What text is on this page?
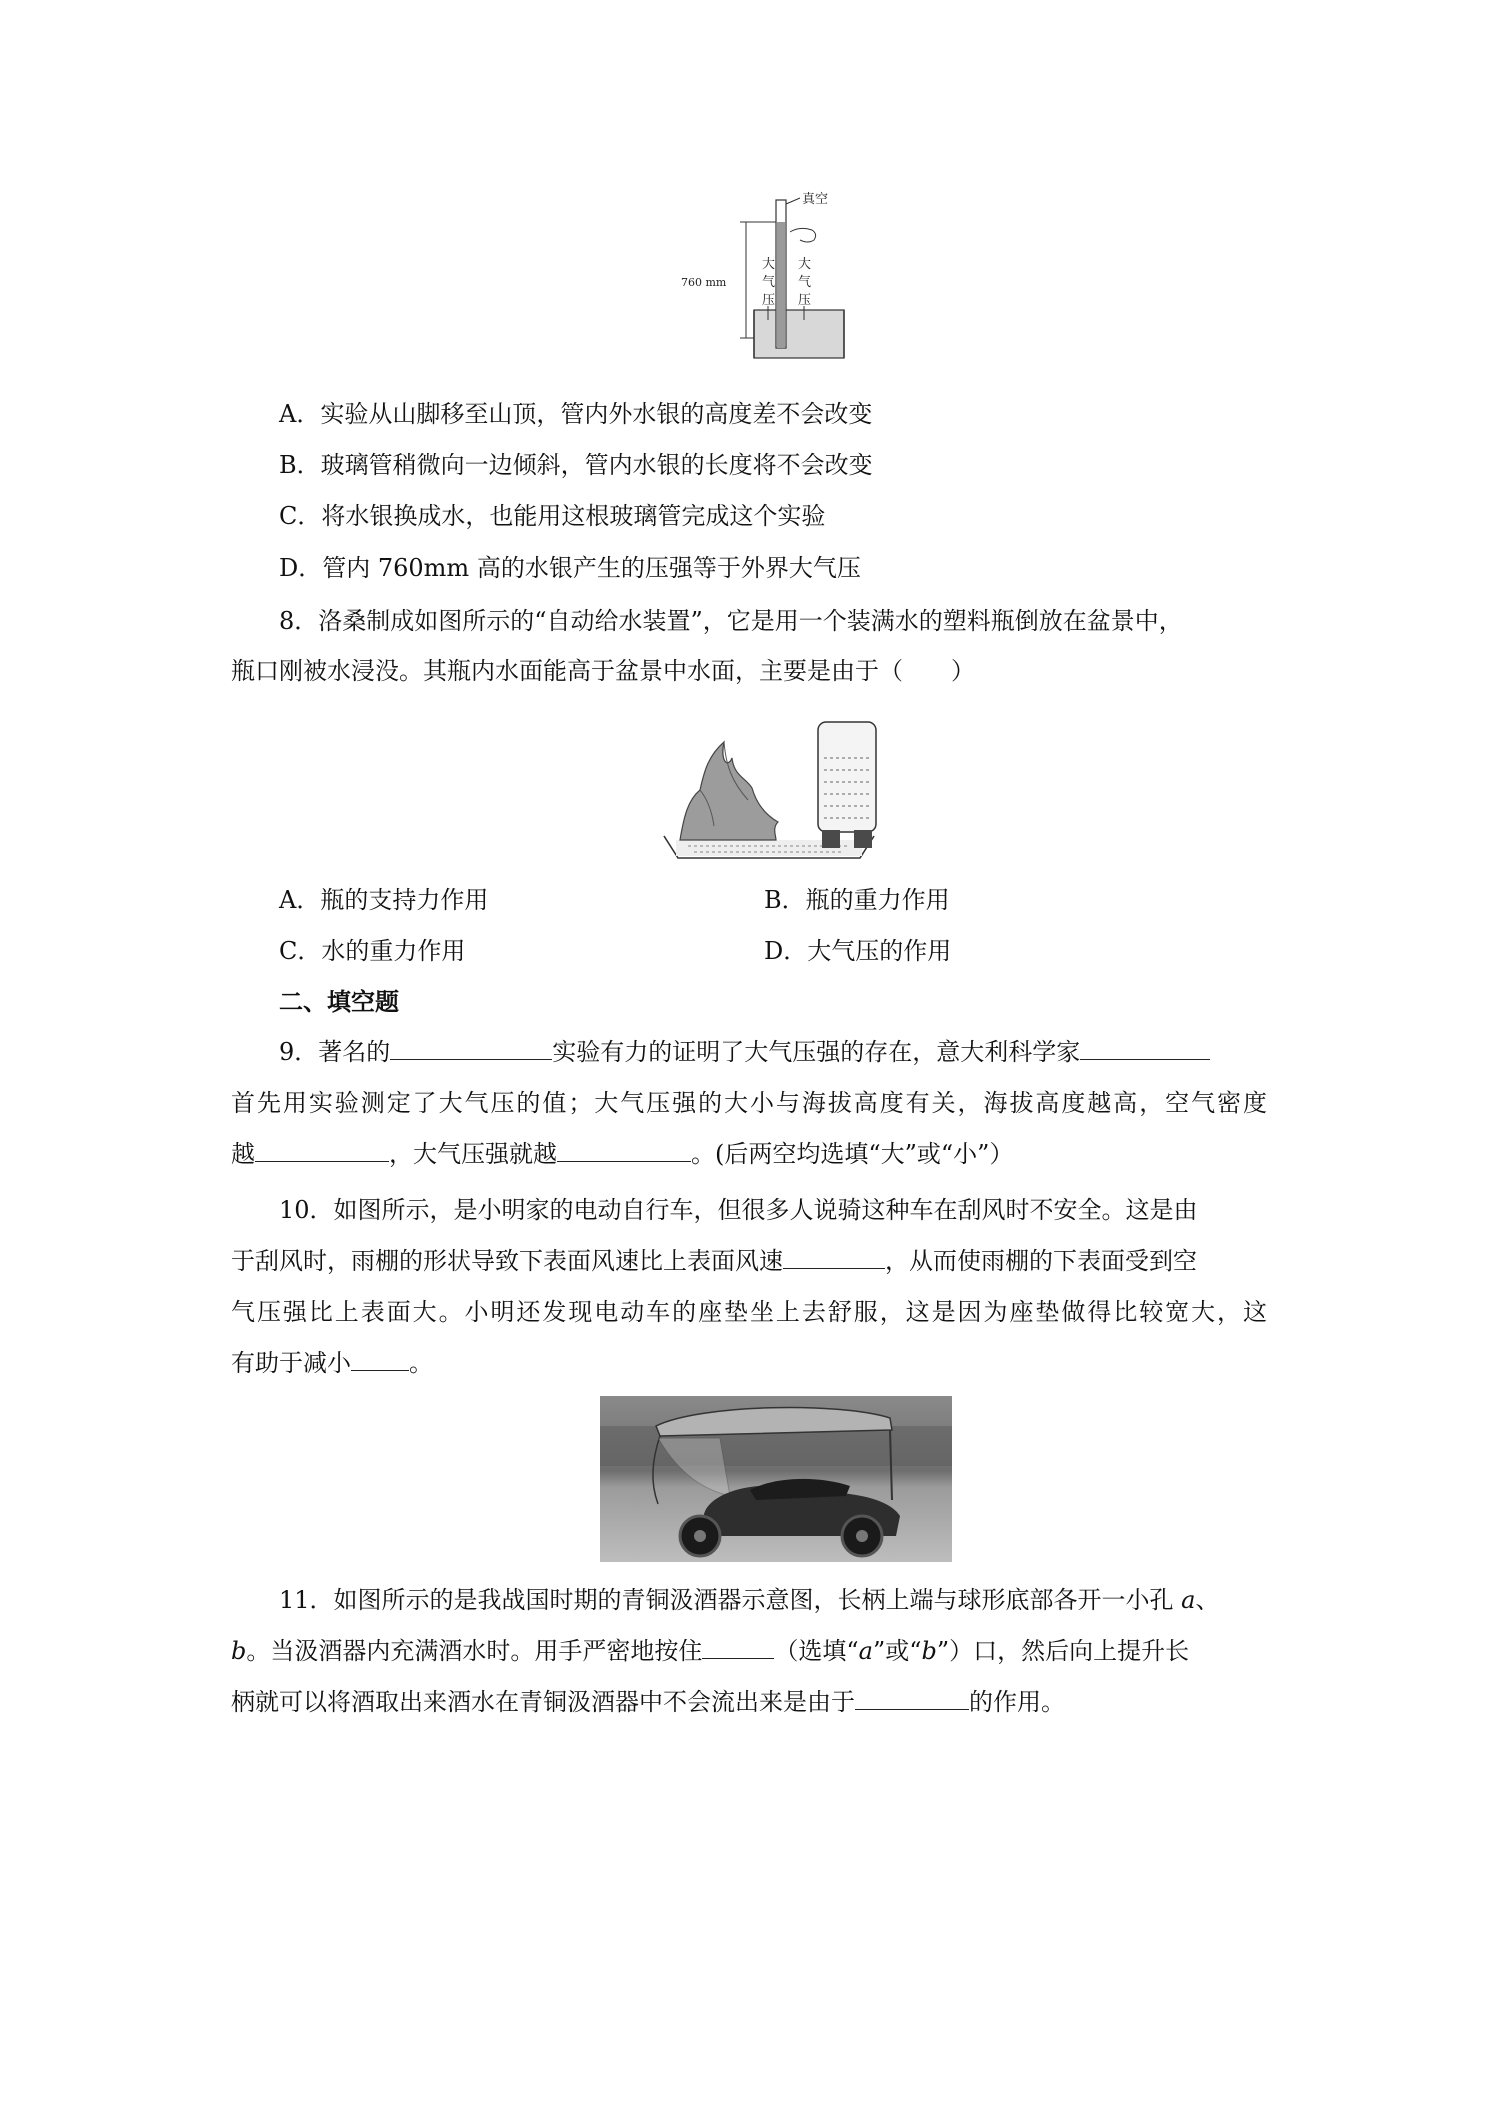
真空
760 mm
大
气
压
大
气
压
A．实验从山脚移至山顶，管内外水银的高度差不会改变
B．玻璃管稍微向一边倾斜，管内水银的长度将不会改变
C．将水银换成水，也能用这根玻璃管完成这个实验
D．管内 760mm 高的水银产生的压强等于外界大气压
8．洛桑制成如图所示的“自动给水装置”，它是用一个装满水的塑料瓶倒放在盆景中，
瓶口刚被水浸没。其瓶内水面能高于盆景中水面，主要是由于（　　）
A．瓶的支持力作用	B．瓶的重力作用
C．水的重力作用	D．大气压的作用
二、填空题
9．著名的	实验有力的证明了大气压强的存在，意大利科学家
首先用实验测定了大气压的值；大气压强的大小与海拔高度有关，海拔高度越高，空气密度
越	，大气压强就越	。(后两空均选填“大”或“小”）
10．如图所示，是小明家的电动自行车，但很多人说骑这种车在刮风时不安全。这是由
于刮风时，雨棚的形状导致下表面风速比上表面风速	，从而使雨棚的下表面受到空
气压强比上表面大。小明还发现电动车的座垫坐上去舒服，这是因为座垫做得比较宽大，这
有助于减小 。
11．如图所示的是我战国时期的青铜汲酒器示意图，长柄上端与球形底部各开一小孔 a、
b。当汲酒器内充满酒水时。用手严密地按住	（选填“a”或“b”）口，然后向上提升长
柄就可以将酒取出来酒水在青铜汲酒器中不会流出来是由于	的作用。
